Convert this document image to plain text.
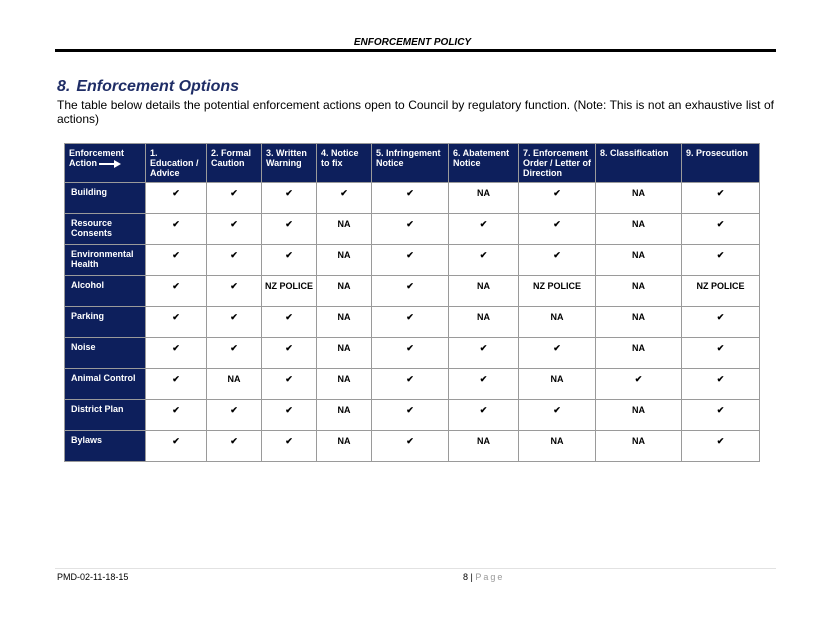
ENFORCEMENT POLICY
8. Enforcement Options

The table below details the potential enforcement actions open to Council by regulatory function. (Note: This is not an exhaustive list of actions)

Enforcement
Action	1. Education / Advice	2. Formal Caution	3. Written Warning	4. Notice to fix	5. Infringement Notice	6. Abatement Notice	7. Enforcement Order / Letter of Direction	8. Classification	9. Prosecution
Building	✔	✔	✔	✔	✔	NA	✔	NA	✔
Resource Consents	✔	✔	✔	NA	✔	✔	✔	NA	✔
Environmental Health	✔	✔	✔	NA	✔	✔	✔	NA	✔
Alcohol	✔	✔	NZ POLICE	NA	✔	NA	NZ POLICE	NA	NZ POLICE
Parking	✔	✔	✔	NA	✔	NA	NA	NA	✔
Noise	✔	✔	✔	NA	✔	✔	✔	NA	✔
Animal Control	✔	NA	✔	NA	✔	✔	NA	✔	✔
District Plan	✔	✔	✔	NA	✔	✔	✔	NA	✔
Bylaws	✔	✔	✔	NA	✔	NA	NA	NA	✔
PMD-02-11-18-15	8 | Page
